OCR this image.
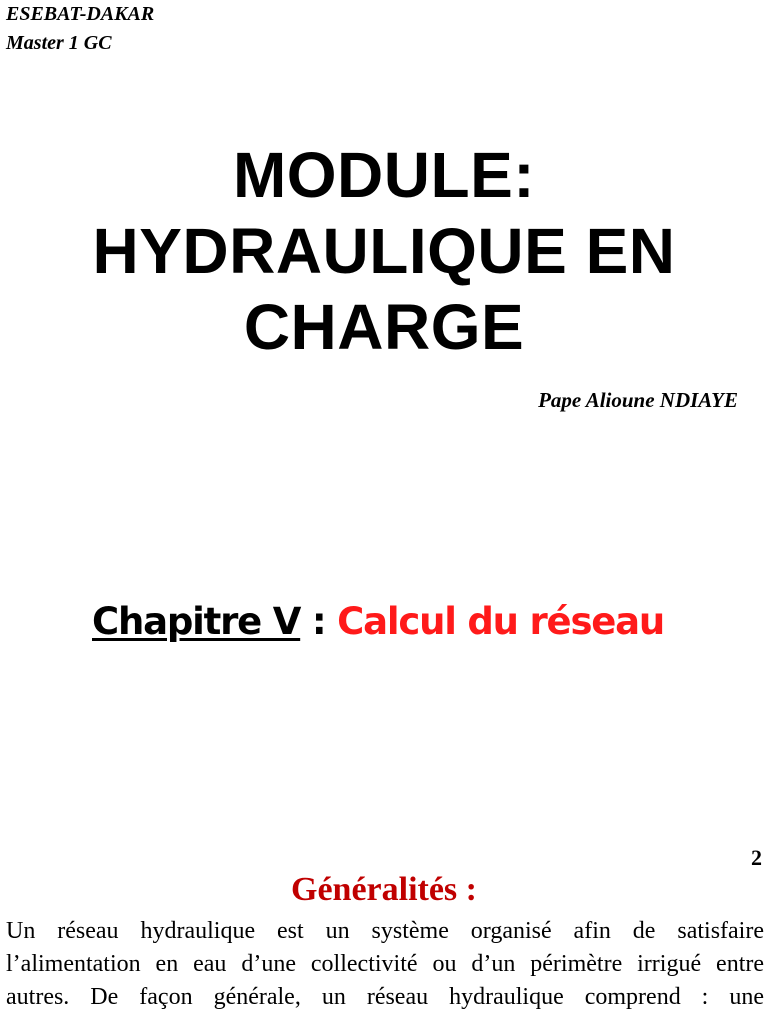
ESEBAT-DAKAR
Master 1 GC
MODULE:
HYDRAULIQUE EN
CHARGE
Pape Alioune NDIAYE
Chapitre V : Calcul du réseau
2
Généralités :
Un réseau hydraulique est un système organisé afin de satisfaire
l’alimentation en eau d’une collectivité ou d’un périmètre irrigué entre
autres. De façon générale, un réseau hydraulique comprend : une
